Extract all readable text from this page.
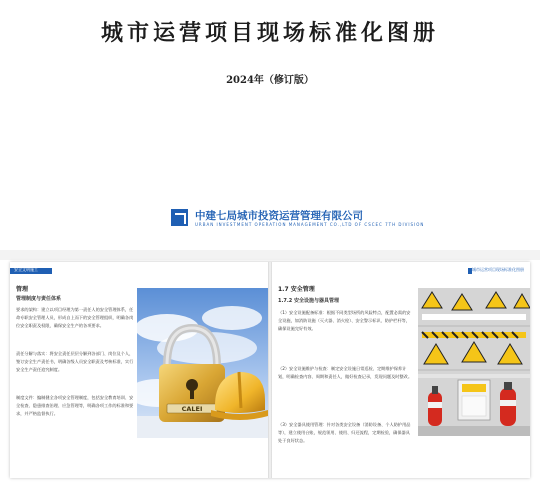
城市运营项目现场标准化图册
2024年（修订版）
中建七局城市投资运营管理有限公司
URBAN INVESTMENT OPERATION MANAGEMENT CO.,LTD OF CSCEC 7TH DIVISION
安全文明施工
管理
管理制度与责任体系
要求的架构：建立以项目经理为第一责任人的安全管理体系，任命专职安全管理人员，形成自上而下的安全管理组织，明确各岗位安全职责及权限，确保安全生产的各项要求。
责任分解与落实：将安全责任层层分解到各部门、岗位及个人，签订安全生产责任书，明确各级人员安全职责及考核标准，实行安全生产责任追究制度。
制度文件：编制健全各项安全管理制度，包括安全教育培训、安全检查、隐患排查治理、应急管理等，明确各项工作的标准和要求，并严格监督执行。
CALEI
城市运营项目现场标准化图册
1.7 安全管理
1.7.2 安全设施与器具管理
（1）安全设施配备标准：根据不同类型场所的风险特点，配置必需的安全设施，如消防设施（灭火器、消火栓）、安全警示标识、防护栏杆等，确保设施完好有效。
（2）安全设施维护与检查：制定安全设施日常巡检、定期维护保养计划，明确检查内容、周期和责任人，做好检查记录，发现问题及时整改。
（3）安全器具使用管理：针对各类安全设备（消防设备、个人防护用品等），建立使用台账，规范领用、使用、归还流程，定期检验，确保器具处于良好状态。
